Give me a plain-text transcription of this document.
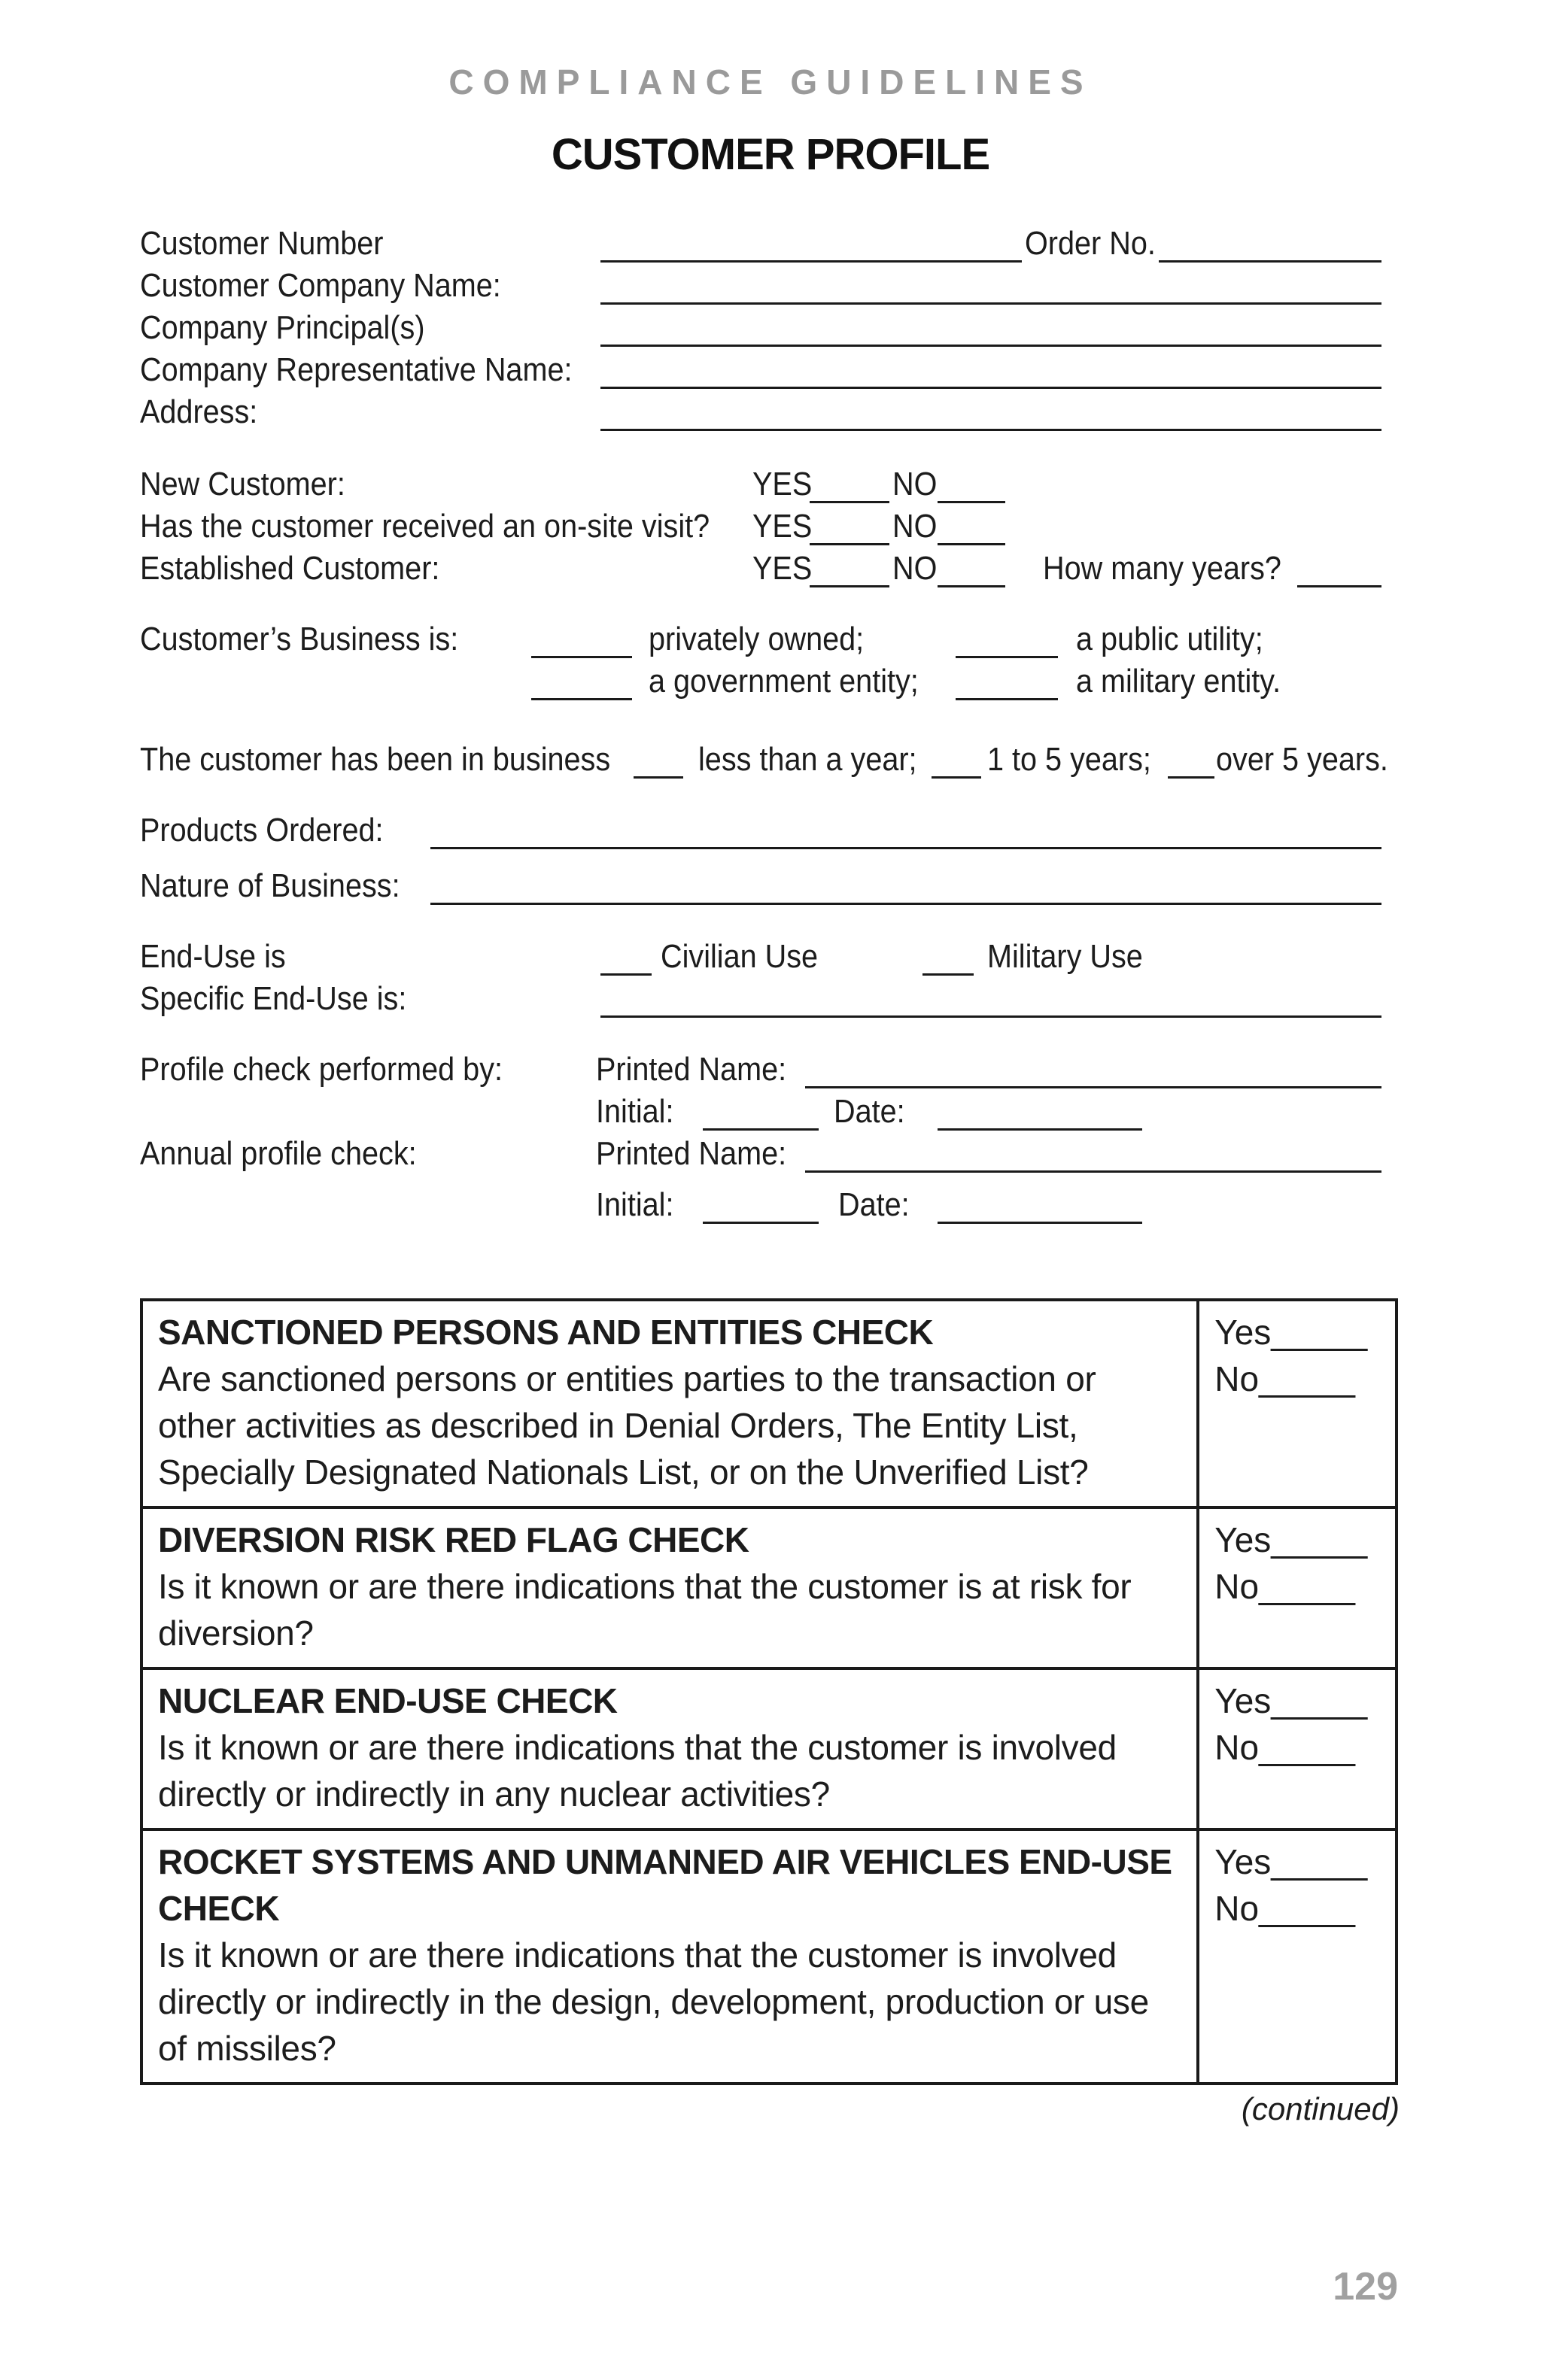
COMPLIANCE GUIDELINES
CUSTOMER PROFILE
Customer Number	Order No.
Customer Company Name:
Company Principal(s)
Company Representative Name:
Address:
New Customer:	YES NO
Has the customer received an on-site visit? YES NO
Established Customer:	YES NO	How many years?
Customer’s Business is:	privately owned;	a public utility;
a government entity;	a military entity.
The customer has been in business	less than a year; 1 to 5 years; over 5 years.
Products Ordered:
Nature of Business:
End-Use is	Civilian Use	Military Use
Specific End-Use is:
Profile check performed by:	Printed Name:
Initial:	Date:
Annual profile check:	Printed Name:
Initial:	Date:
SANCTIONED PERSONS AND ENTITIES CHECK
Are sanctioned persons or entities parties to the transaction or
other activities as described in Denial Orders, The Entity List,
Specially Designated Nationals List, or on the Unverified List?	Yes_____
No_____

DIVERSION RISK RED FLAG CHECK
Is it known or are there indications that the customer is at risk for
diversion?	Yes_____
No_____

NUCLEAR END-USE CHECK
Is it known or are there indications that the customer is involved
directly or indirectly in any nuclear activities?	Yes_____
No_____

ROCKET SYSTEMS AND UNMANNED AIR VEHICLES END-USE
CHECK
Is it known or are there indications that the customer is involved
directly or indirectly in the design, development, production or use
of missiles?	Yes_____
No_____
(continued)
129
